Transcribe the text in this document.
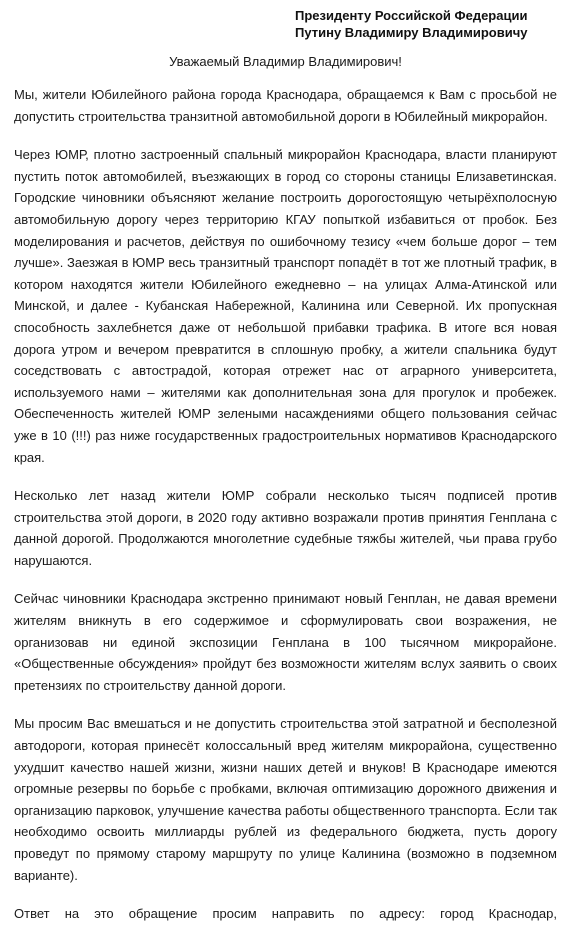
Президенту Российской Федерации
Путину Владимиру Владимировичу
Уважаемый Владимир Владимирович!

Мы, жители Юбилейного района города Краснодара, обращаемся к Вам с просьбой не допустить строительства транзитной автомобильной дороги в Юбилейный микрорайон.

Через ЮМР, плотно застроенный спальный микрорайон Краснодара, власти планируют пустить поток автомобилей, въезжающих в город со стороны станицы Елизаветинская. Городские чиновники объясняют желание построить дорогостоящую четырёхполосную автомобильную дорогу через территорию КГАУ попыткой избавиться от пробок. Без моделирования и расчетов, действуя по ошибочному тезису «чем больше дорог – тем лучше». Заезжая в ЮМР весь транзитный транспорт попадёт в тот же плотный трафик, в котором находятся жители Юбилейного ежедневно – на улицах Алма-Атинской или Минской, и далее - Кубанская Набережной, Калинина или Северной. Их пропускная способность захлебнется даже от небольшой прибавки трафика. В итоге вся новая дорога утром и вечером превратится в сплошную пробку, а жители спальника будут соседствовать с автострадой, которая отрежет нас от аграрного университета, используемого нами – жителями как дополнительная зона для прогулок и пробежек. Обеспеченность жителей ЮМР зелеными насаждениями общего пользования сейчас уже в 10 (!!!) раз ниже государственных градостроительных нормативов Краснодарского края.

Несколько лет назад жители ЮМР собрали несколько тысяч подписей против строительства этой дороги, в 2020 году активно возражали против принятия Генплана с данной дорогой. Продолжаются многолетние судебные тяжбы жителей, чьи права грубо нарушаются.

Сейчас чиновники Краснодара экстренно принимают новый Генплан, не давая времени жителям вникнуть в его содержимое и сформулировать свои возражения, не организовав ни единой экспозиции Генплана в 100 тысячном микрорайоне. «Общественные обсуждения» пройдут без возможности жителям вслух заявить о своих претензиях по строительству данной дороги.

Мы просим Вас вмешаться и не допустить строительства этой затратной и бесполезной автодороги, которая принесёт колоссальный вред жителям микрорайона, существенно ухудшит качество нашей жизни, жизни наших детей и внуков! В Краснодаре имеются огромные резервы по борьбе с пробками, включая оптимизацию дорожного движения и организацию парковок, улучшение качества работы общественного транспорта. Если так необходимо освоить миллиарды рублей из федерального бюджета, пусть дорогу проведут по прямому старому маршруту по улице Калинина (возможно в подземном варианте).

Ответ на это обращение просим направить по адресу: город Краснодар,
